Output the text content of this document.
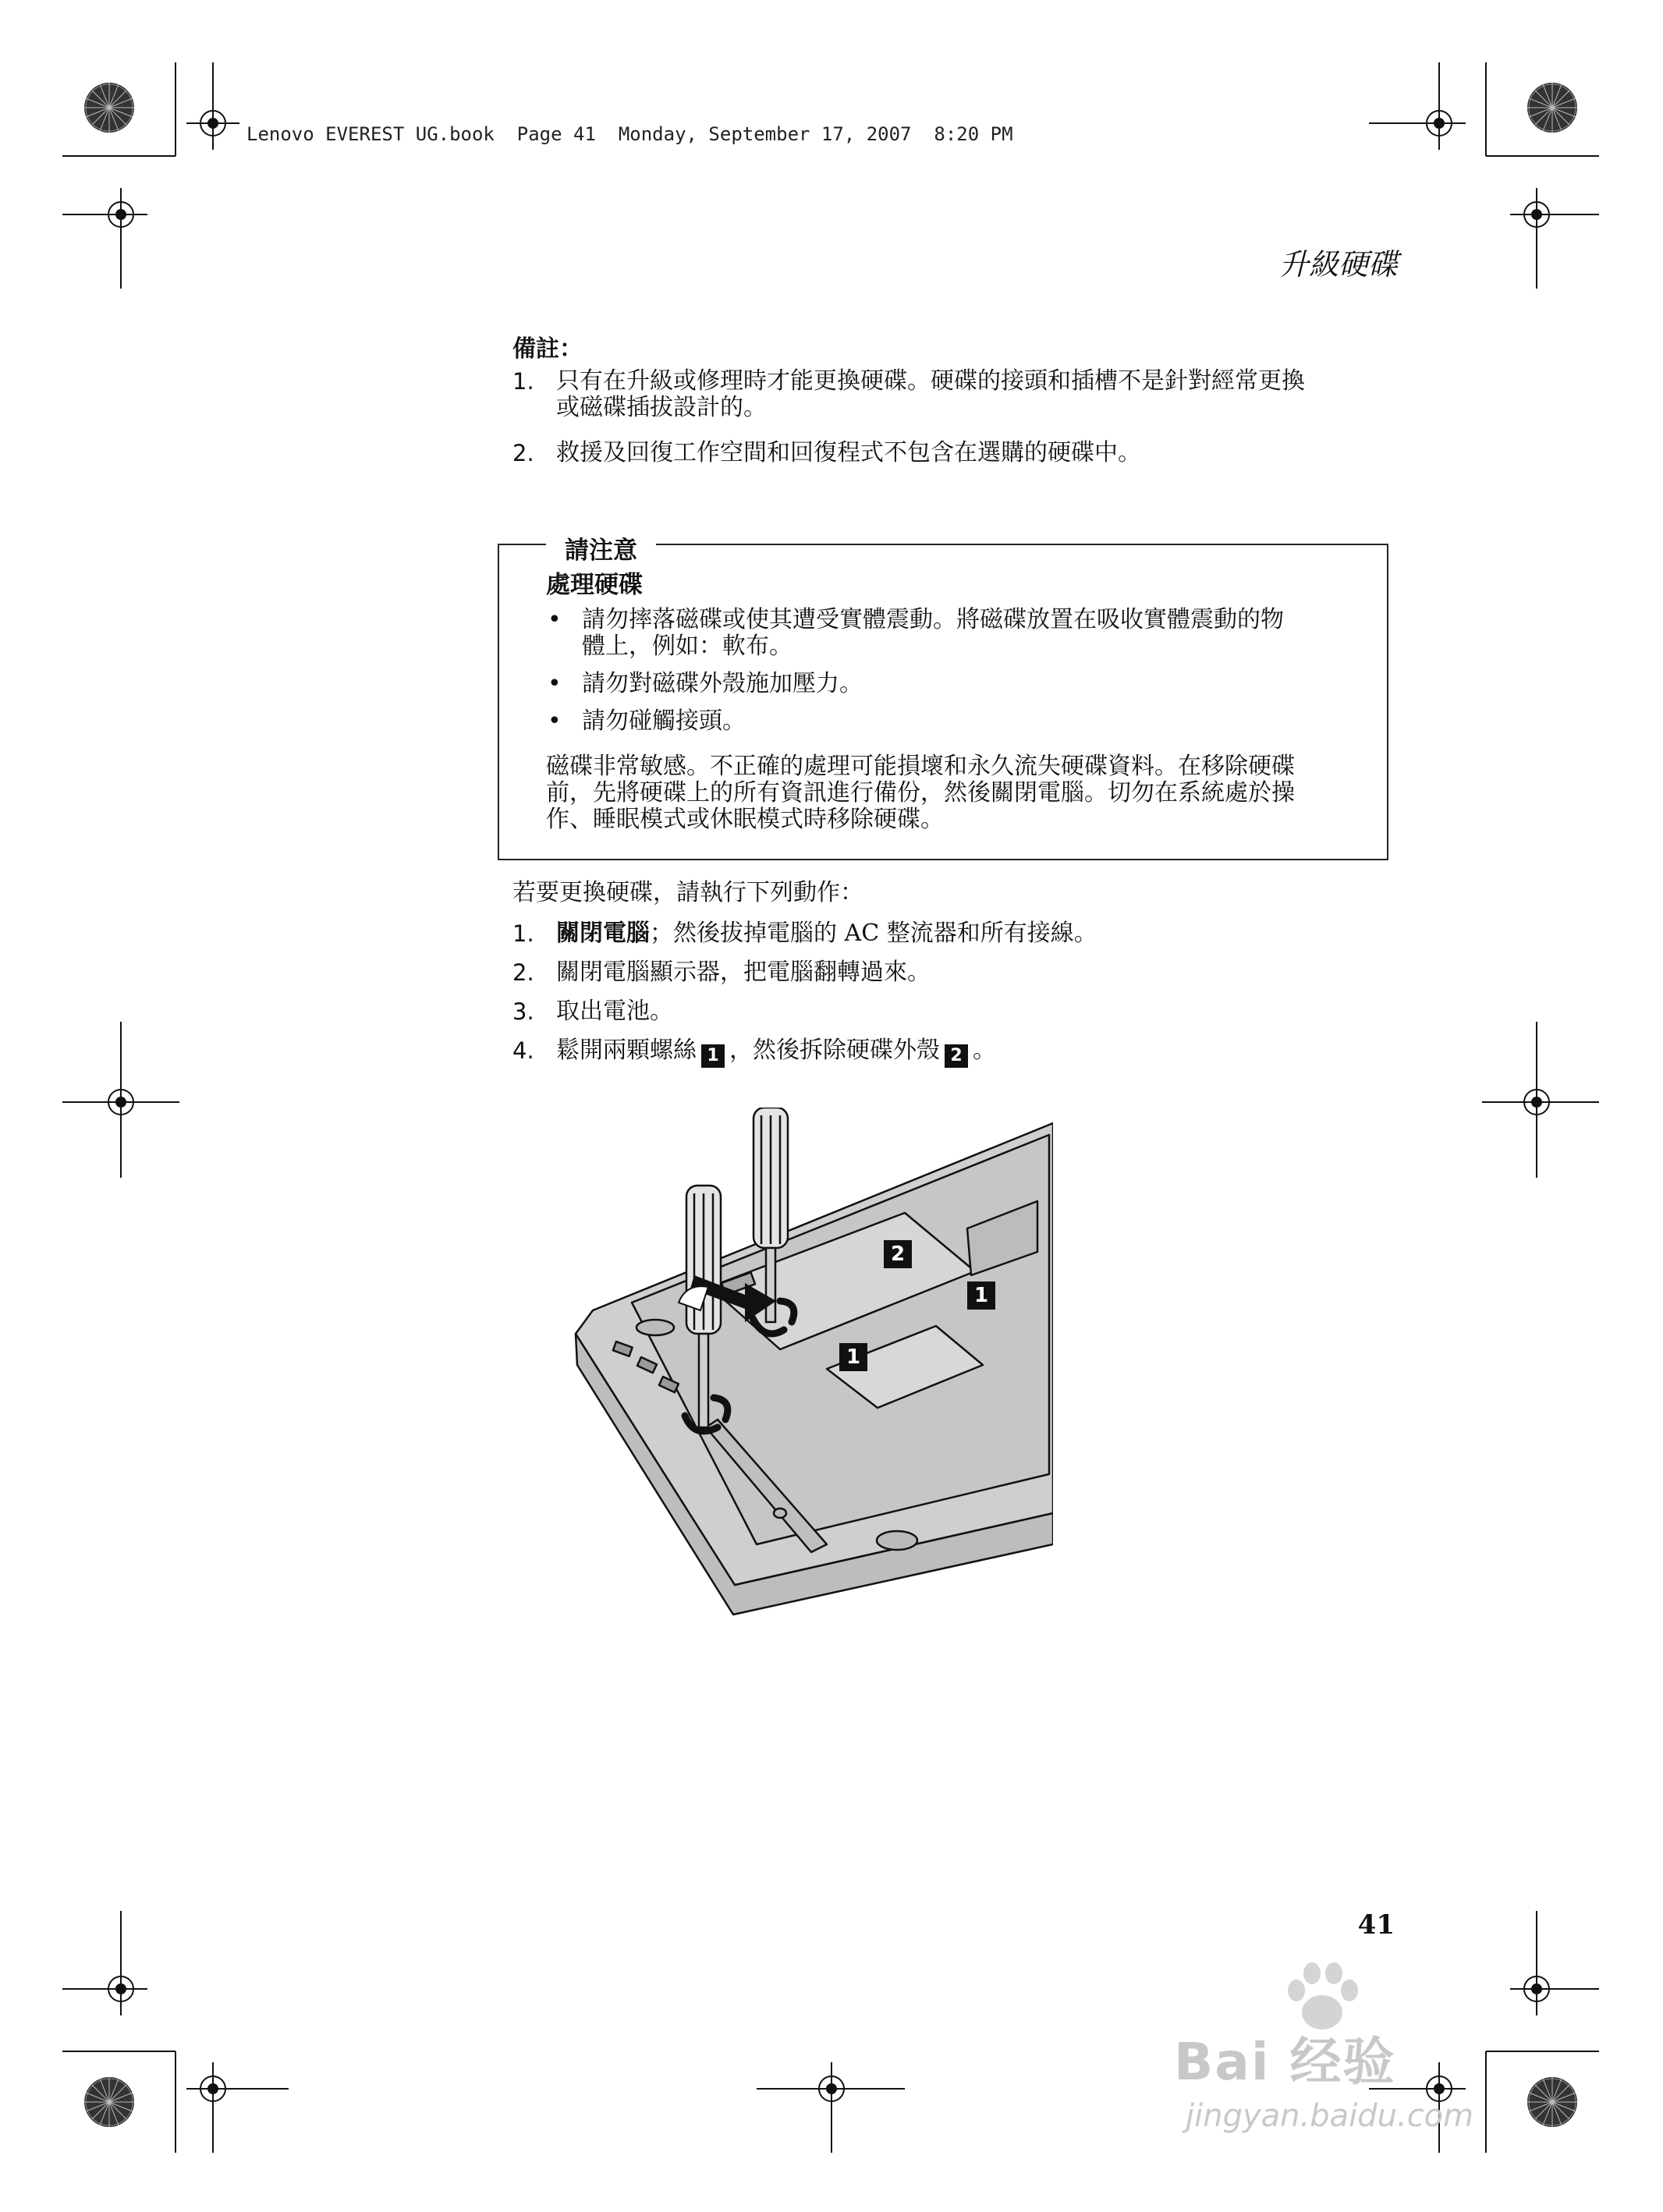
Lenovo EVEREST UG.book  Page 41  Monday, September 17, 2007  8:20 PM
升級硬碟
備註：
1. 只有在升級或修理時才能更換硬碟。硬碟的接頭和插槽不是針對經常更換
或磁碟插拔設計的。
2. 救援及回復工作空間和回復程式不包含在選購的硬碟中。
請注意
處理硬碟
• 請勿摔落磁碟或使其遭受實體震動。將磁碟放置在吸收實體震動的物
體上，例如：軟布。
• 請勿對磁碟外殼施加壓力。
• 請勿碰觸接頭。
磁碟非常敏感。不正確的處理可能損壞和永久流失硬碟資料。在移除硬碟
前，先將硬碟上的所有資訊進行備份，然後關閉電腦。切勿在系統處於操
作、睡眠模式或休眠模式時移除硬碟。
若要更換硬碟，請執行下列動作：
1. 關閉電腦；然後拔掉電腦的 AC 整流器和所有接線。
2. 關閉電腦顯示器，把電腦翻轉過來。
3. 取出電池。
4. 鬆開兩顆螺絲 1 ，然後拆除硬碟外殼 2 。
2
1
1
41
Bai 经验
jingyan.baidu.com
